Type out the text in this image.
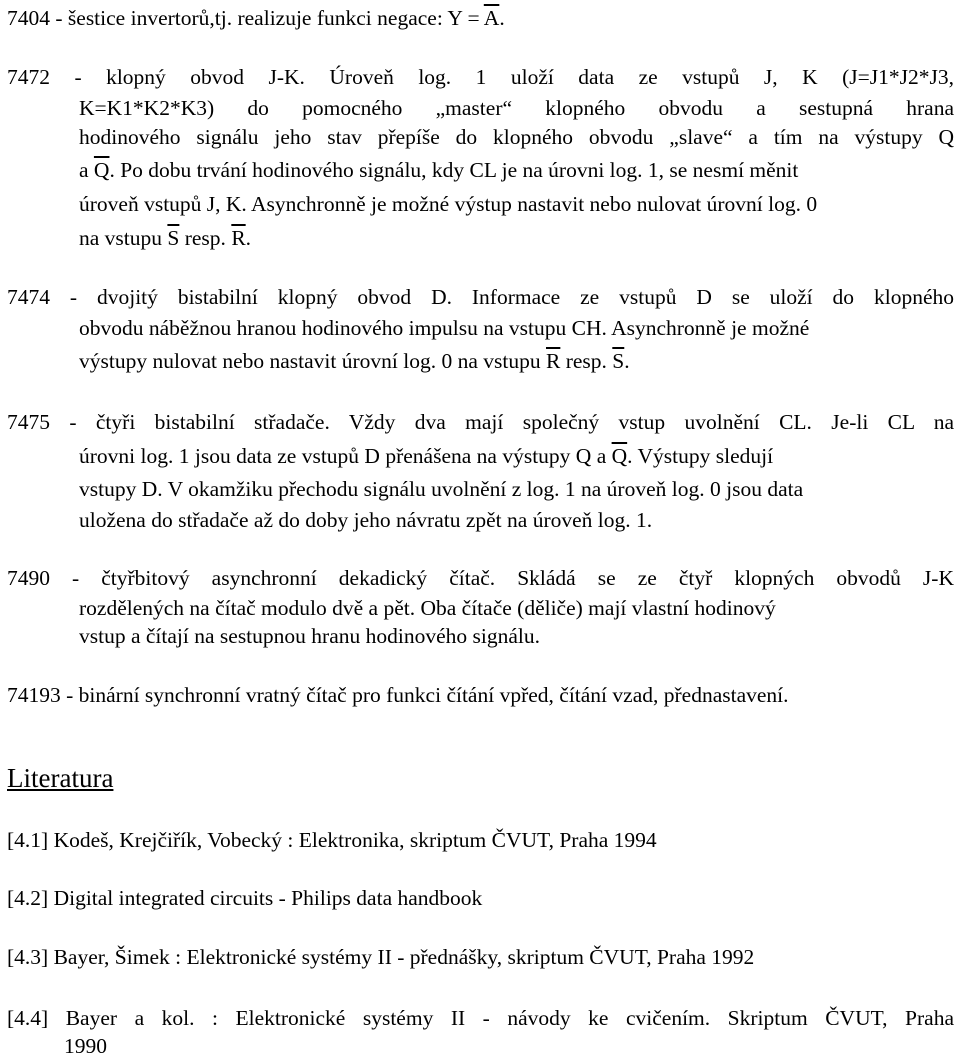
7404 - šestice invertorů,tj. realizuje funkci negace: $Y = \overline{A}$.
7472 - klopný obvod J-K. Úroveň log. 1 uloží data ze vstupů J, K (J=J1*J2*J3,
K=K1*K2*K3) do pomocného „master“ klopného obvodu a sestupná hrana
hodinového signálu jeho stav přepíše do klopného obvodu „slave“ a tím na výstupy Q
a $\overline{Q}$. Po dobu trvání hodinového signálu, kdy CL je na úrovni log. 1, se nesmí měnit
úroveň vstupů J, K. Asynchronně je možné výstup nastavit nebo nulovat úrovní log. 0
na vstupu $\overline{S}$ resp. $\overline{R}$.
7474 - dvojitý bistabilní klopný obvod D. Informace ze vstupů D se uloží do klopného
obvodu náběžnou hranou hodinového impulsu na vstupu CH. Asynchronně je možné
výstupy nulovat nebo nastavit úrovní log. 0 na vstupu $\overline{R}$ resp. $\overline{S}$.
7475 - čtyři bistabilní střadače. Vždy dva mají společný vstup uvolnění CL. Je-li CL na
úrovni log. 1 jsou data ze vstupů D přenášena na výstupy Q a $\overline{Q}$. Výstupy sledují
vstupy D. V okamžiku přechodu signálu uvolnění z log. 1 na úroveň log. 0 jsou data
uložena do střadače až do doby jeho návratu zpět na úroveň log. 1.
7490 - čtyřbitový asynchronní dekadický čítač. Skládá se ze čtyř klopných obvodů J-K
rozdělených na čítač modulo dvě a pět. Oba čítače (děliče) mají vlastní hodinový
vstup a čítají na sestupnou hranu hodinového signálu.
74193 - binární synchronní vratný čítač pro funkci čítání vpřed, čítání vzad, přednastavení.
Literatura
[4.1] Kodeš, Krejčiřík, Vobecký : Elektronika, skriptum ČVUT, Praha 1994
[4.2] Digital integrated circuits - Philips data handbook
[4.3] Bayer, Šimek : Elektronické systémy II - přednášky, skriptum ČVUT, Praha 1992
[4.4] Bayer a kol. : Elektronické systémy II - návody ke cvičením. Skriptum ČVUT, Praha
1990
